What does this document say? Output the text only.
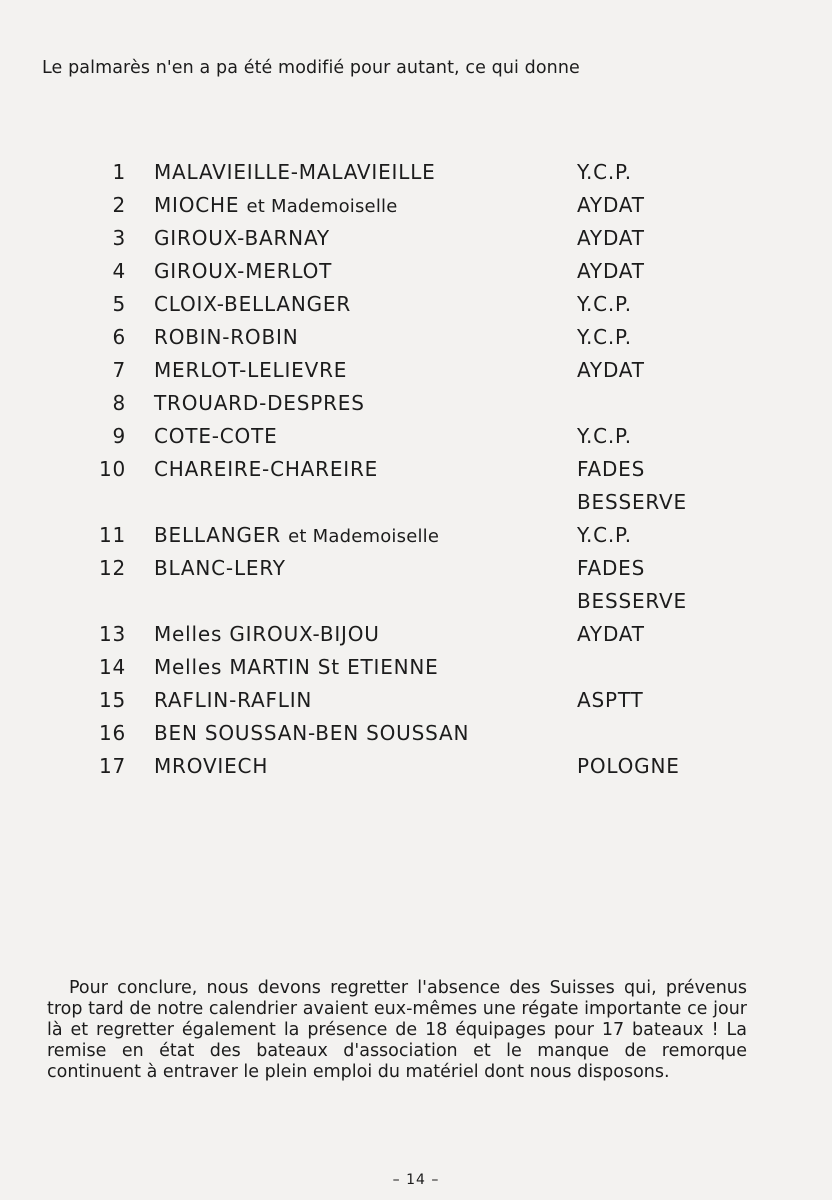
Le palmarès n'en a pa été modifié pour autant, ce qui donne
1 MALAVIEILLE-MALAVIEILLE	Y.C.P.
2 MIOCHE et Mademoiselle	AYDAT
3 GIROUX-BARNAY	AYDAT
4 GIROUX-MERLOT	AYDAT
5 CLOIX-BELLANGER	Y.C.P.
6 ROBIN-ROBIN	Y.C.P.
7 MERLOT-LELIEVRE	AYDAT
8 TROUARD-DESPRES
9 COTE-COTE	Y.C.P.
10 CHAREIRE-CHAREIRE	FADES
BESSERVE
11 BELLANGER et Mademoiselle	Y.C.P.
12 BLANC-LERY	FADES
BESSERVE
13 Melles GIROUX-BIJOU	AYDAT
14 Melles MARTIN St ETIENNE
15 RAFLIN-RAFLIN	ASPTT
16 BEN SOUSSAN-BEN SOUSSAN
17 MROVIECH	POLOGNE

Pour conclure, nous devons regretter l'absence des Suisses qui, prévenus trop tard de notre calendrier avaient eux-mêmes une régate importante ce jour là et regretter également la présence de 18 équipages pour 17 bateaux ! La remise en état des bateaux d'association et le manque de remorque continuent à entraver le plein emploi du matériel dont nous disposons.

– 14 –
